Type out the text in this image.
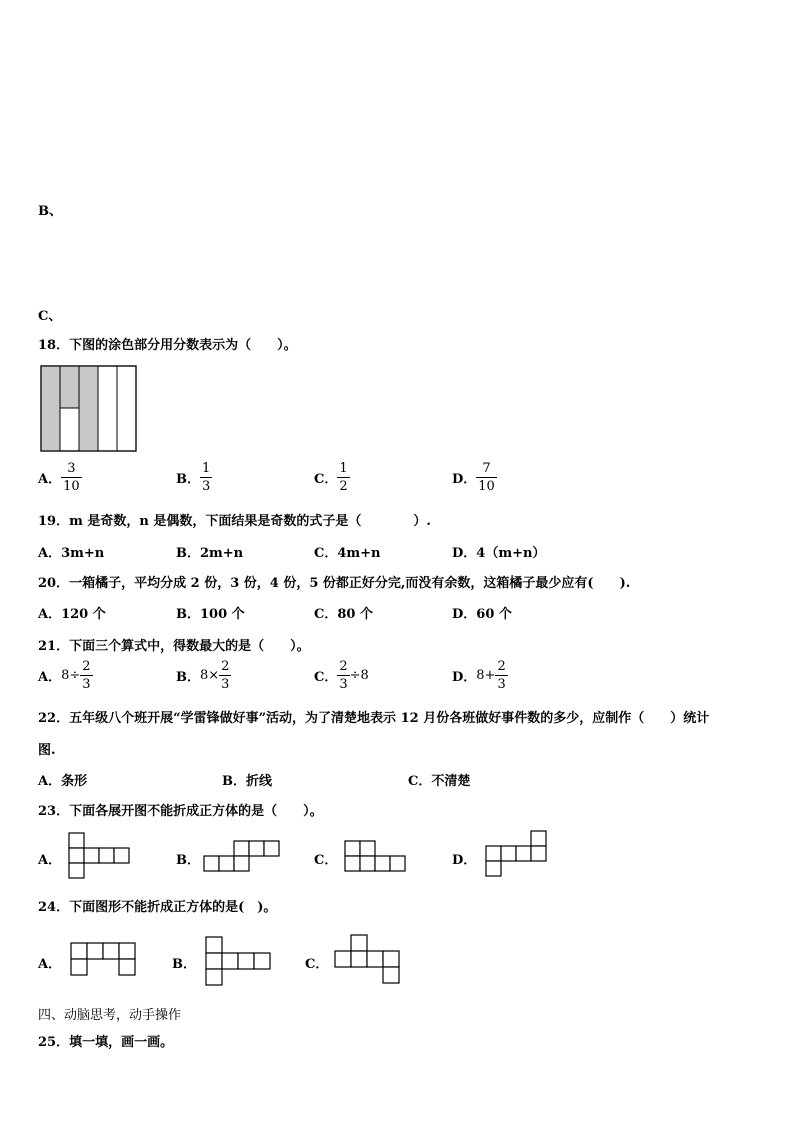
B、
C、
18．下图的涂色部分用分数表示为（　　）。
A． $\frac{3}{10}$	B． $\frac{1}{3}$	C． $\frac{1}{2}$	D． $\frac{7}{10}$
19．m 是奇数，n 是偶数，下面结果是奇数的式子是（　　　　）.
A．3m+n	B．2m+n	C．4m+n	D．4（m+n）
20．一箱橘子，平均分成 2 份，3 份，4 份，5 份都正好分完,而没有余数，这箱橘子最少应有(　　).
A．120 个	B．100 个	C．80 个	D．60 个
21．下面三个算式中，得数最大的是（　　）。
A．$8\div \frac{2}{3}$	B．$8\times \frac{2}{3}$	C． $\frac{2}{3} \div 8$	D．$8+ \frac{2}{3}$
22．五年级八个班开展“学雷锋做好事”活动，为了清楚地表示 12 月份各班做好事件数的多少，应制作（　　）统计
图.
A．条形	B．折线	C．不清楚
23．下面各展开图不能折成正方体的是（　　）。
A．	B．	C．	D．
24．下面图形不能折成正方体的是(　)。
A．	B．	C．
四、动脑思考，动手操作
25．填一填，画一画。
